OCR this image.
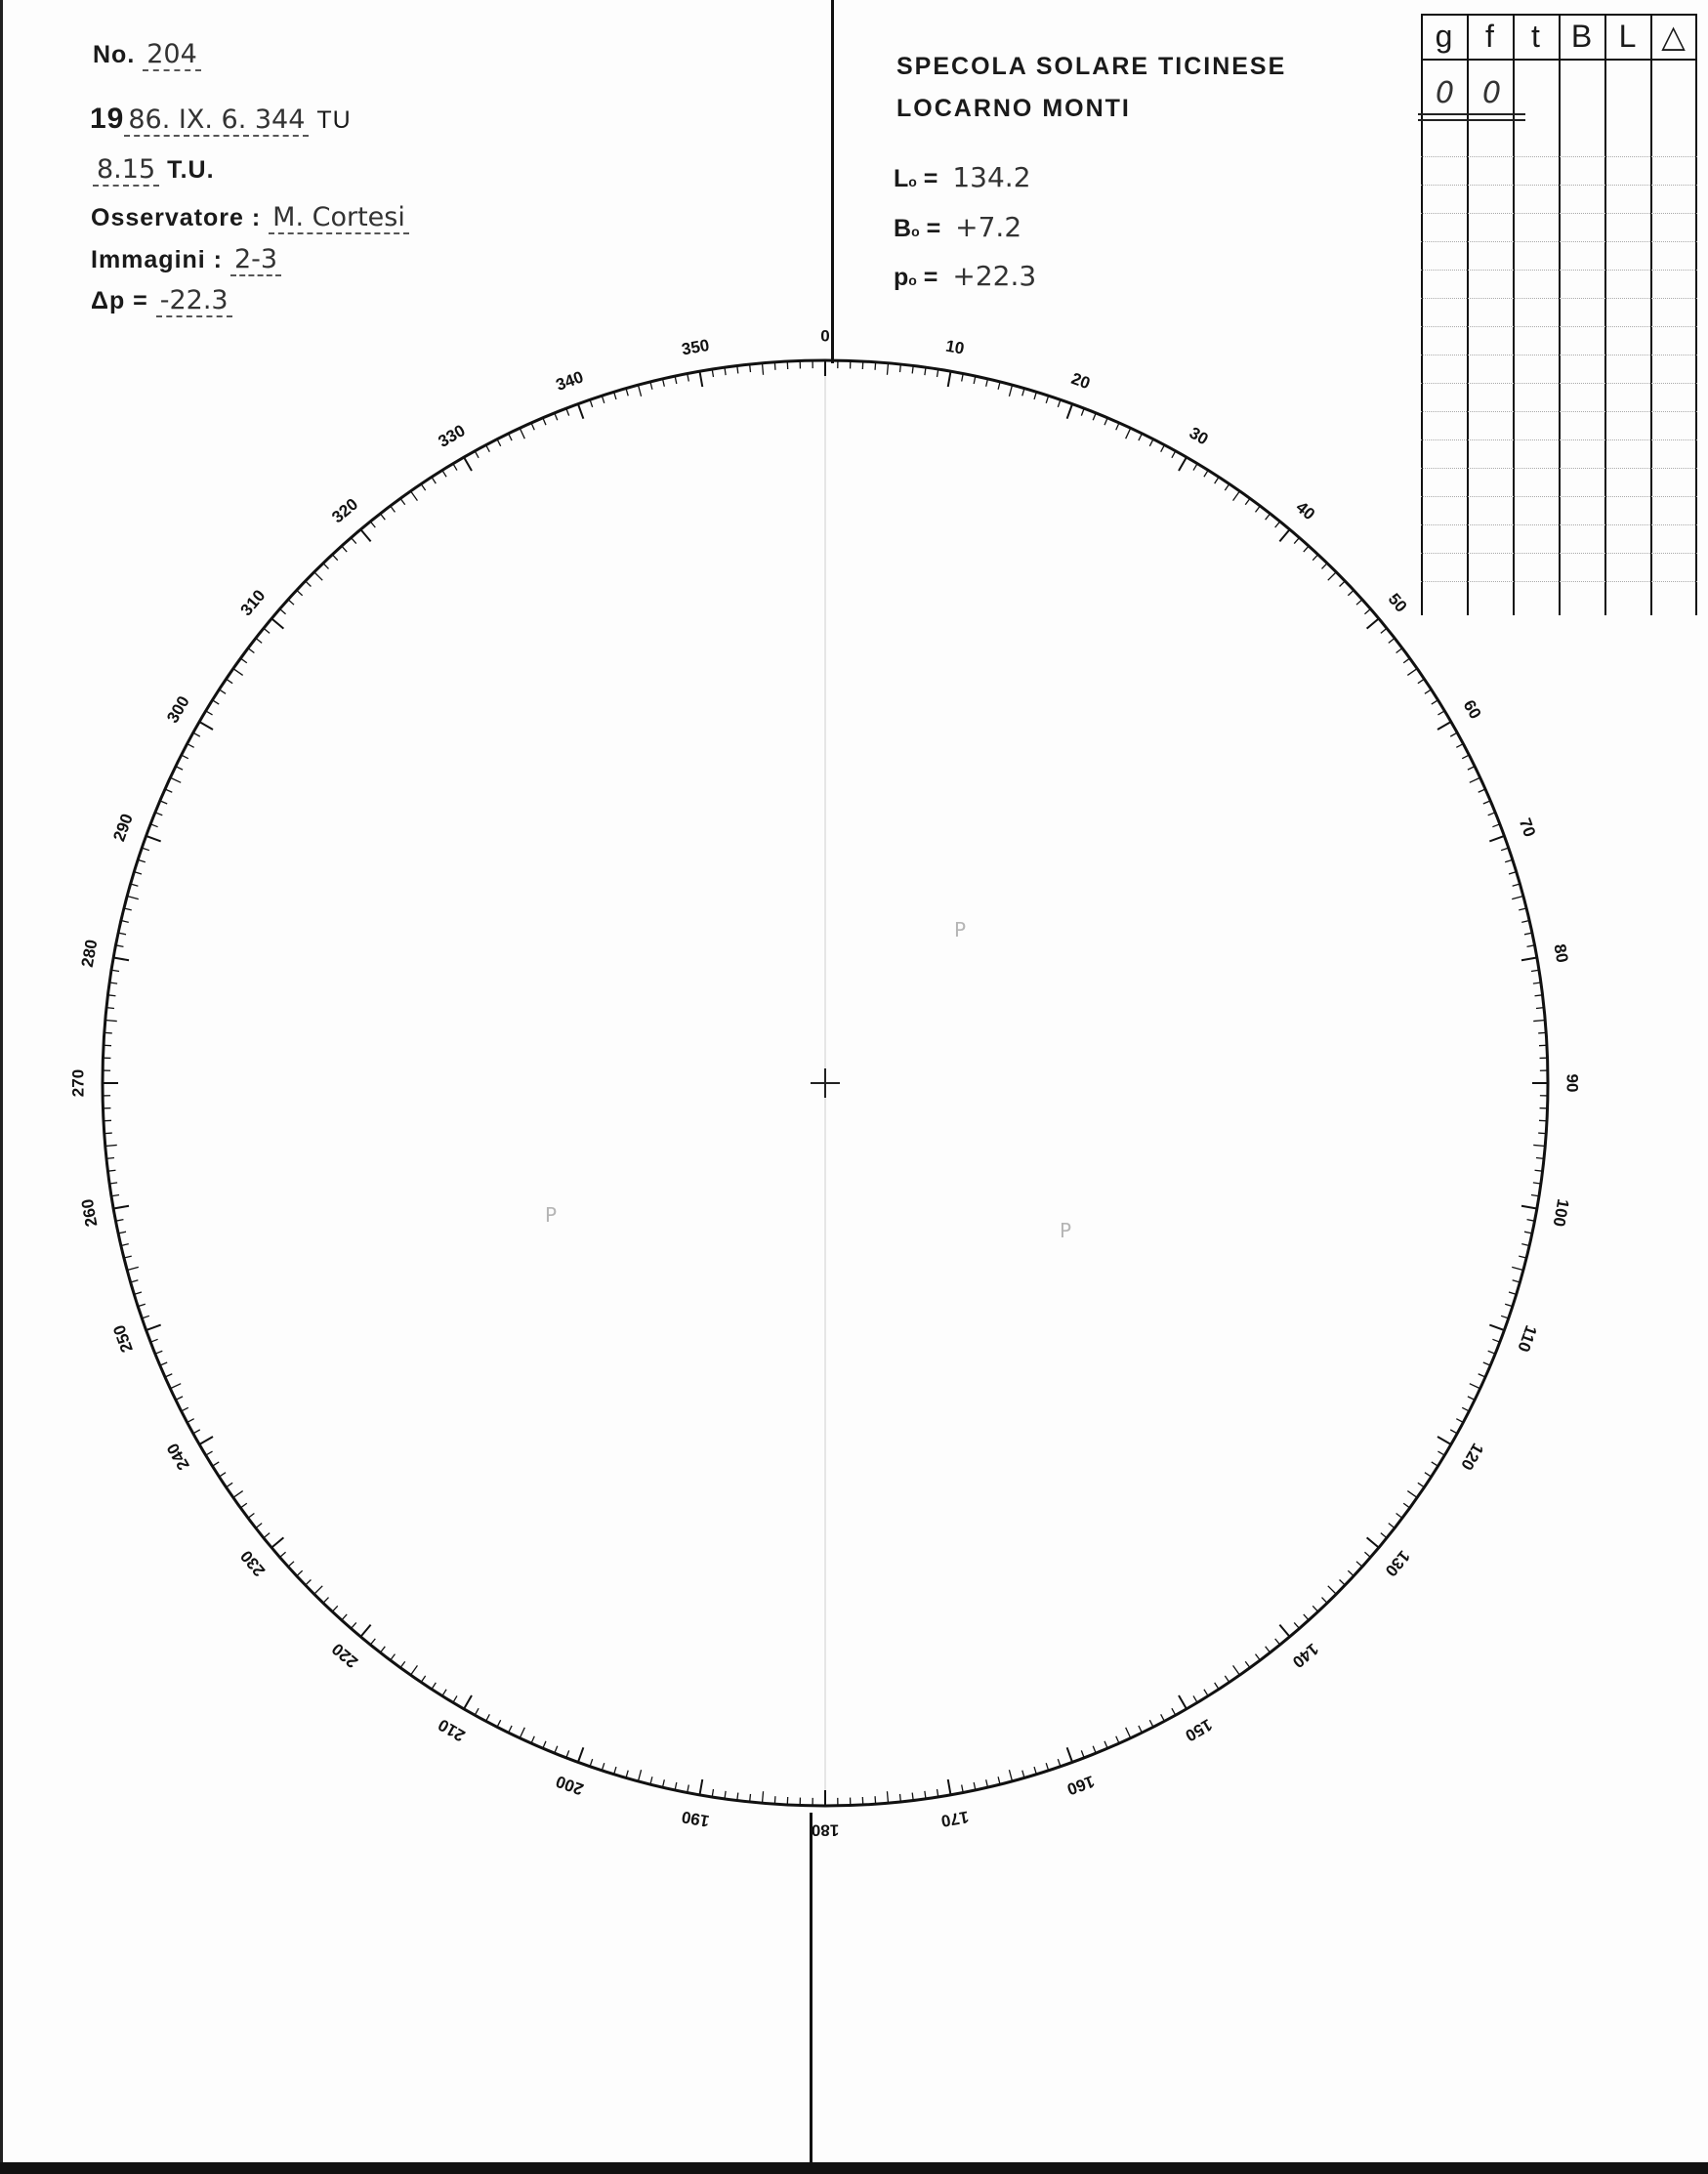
No. 204
19 86. IX. 6. 344 TU
8.15 T.U.
Osservatore : M. Cortesi
Immagini : 2-3
Δp = -22.3
SPECOLA SOLARE TICINESE
LOCARNO MONTI
Lo = 134.2
Bo = +7.2
po = +22.3
g	f	t B L △
0 0
0
10
20
30
40
50
60
70
80
90
100
110
120
130
140
150
160
170
180
190
200
210
220
230
240
250
260
270
280
290
300
310
320
330
340
350
P
P
P
